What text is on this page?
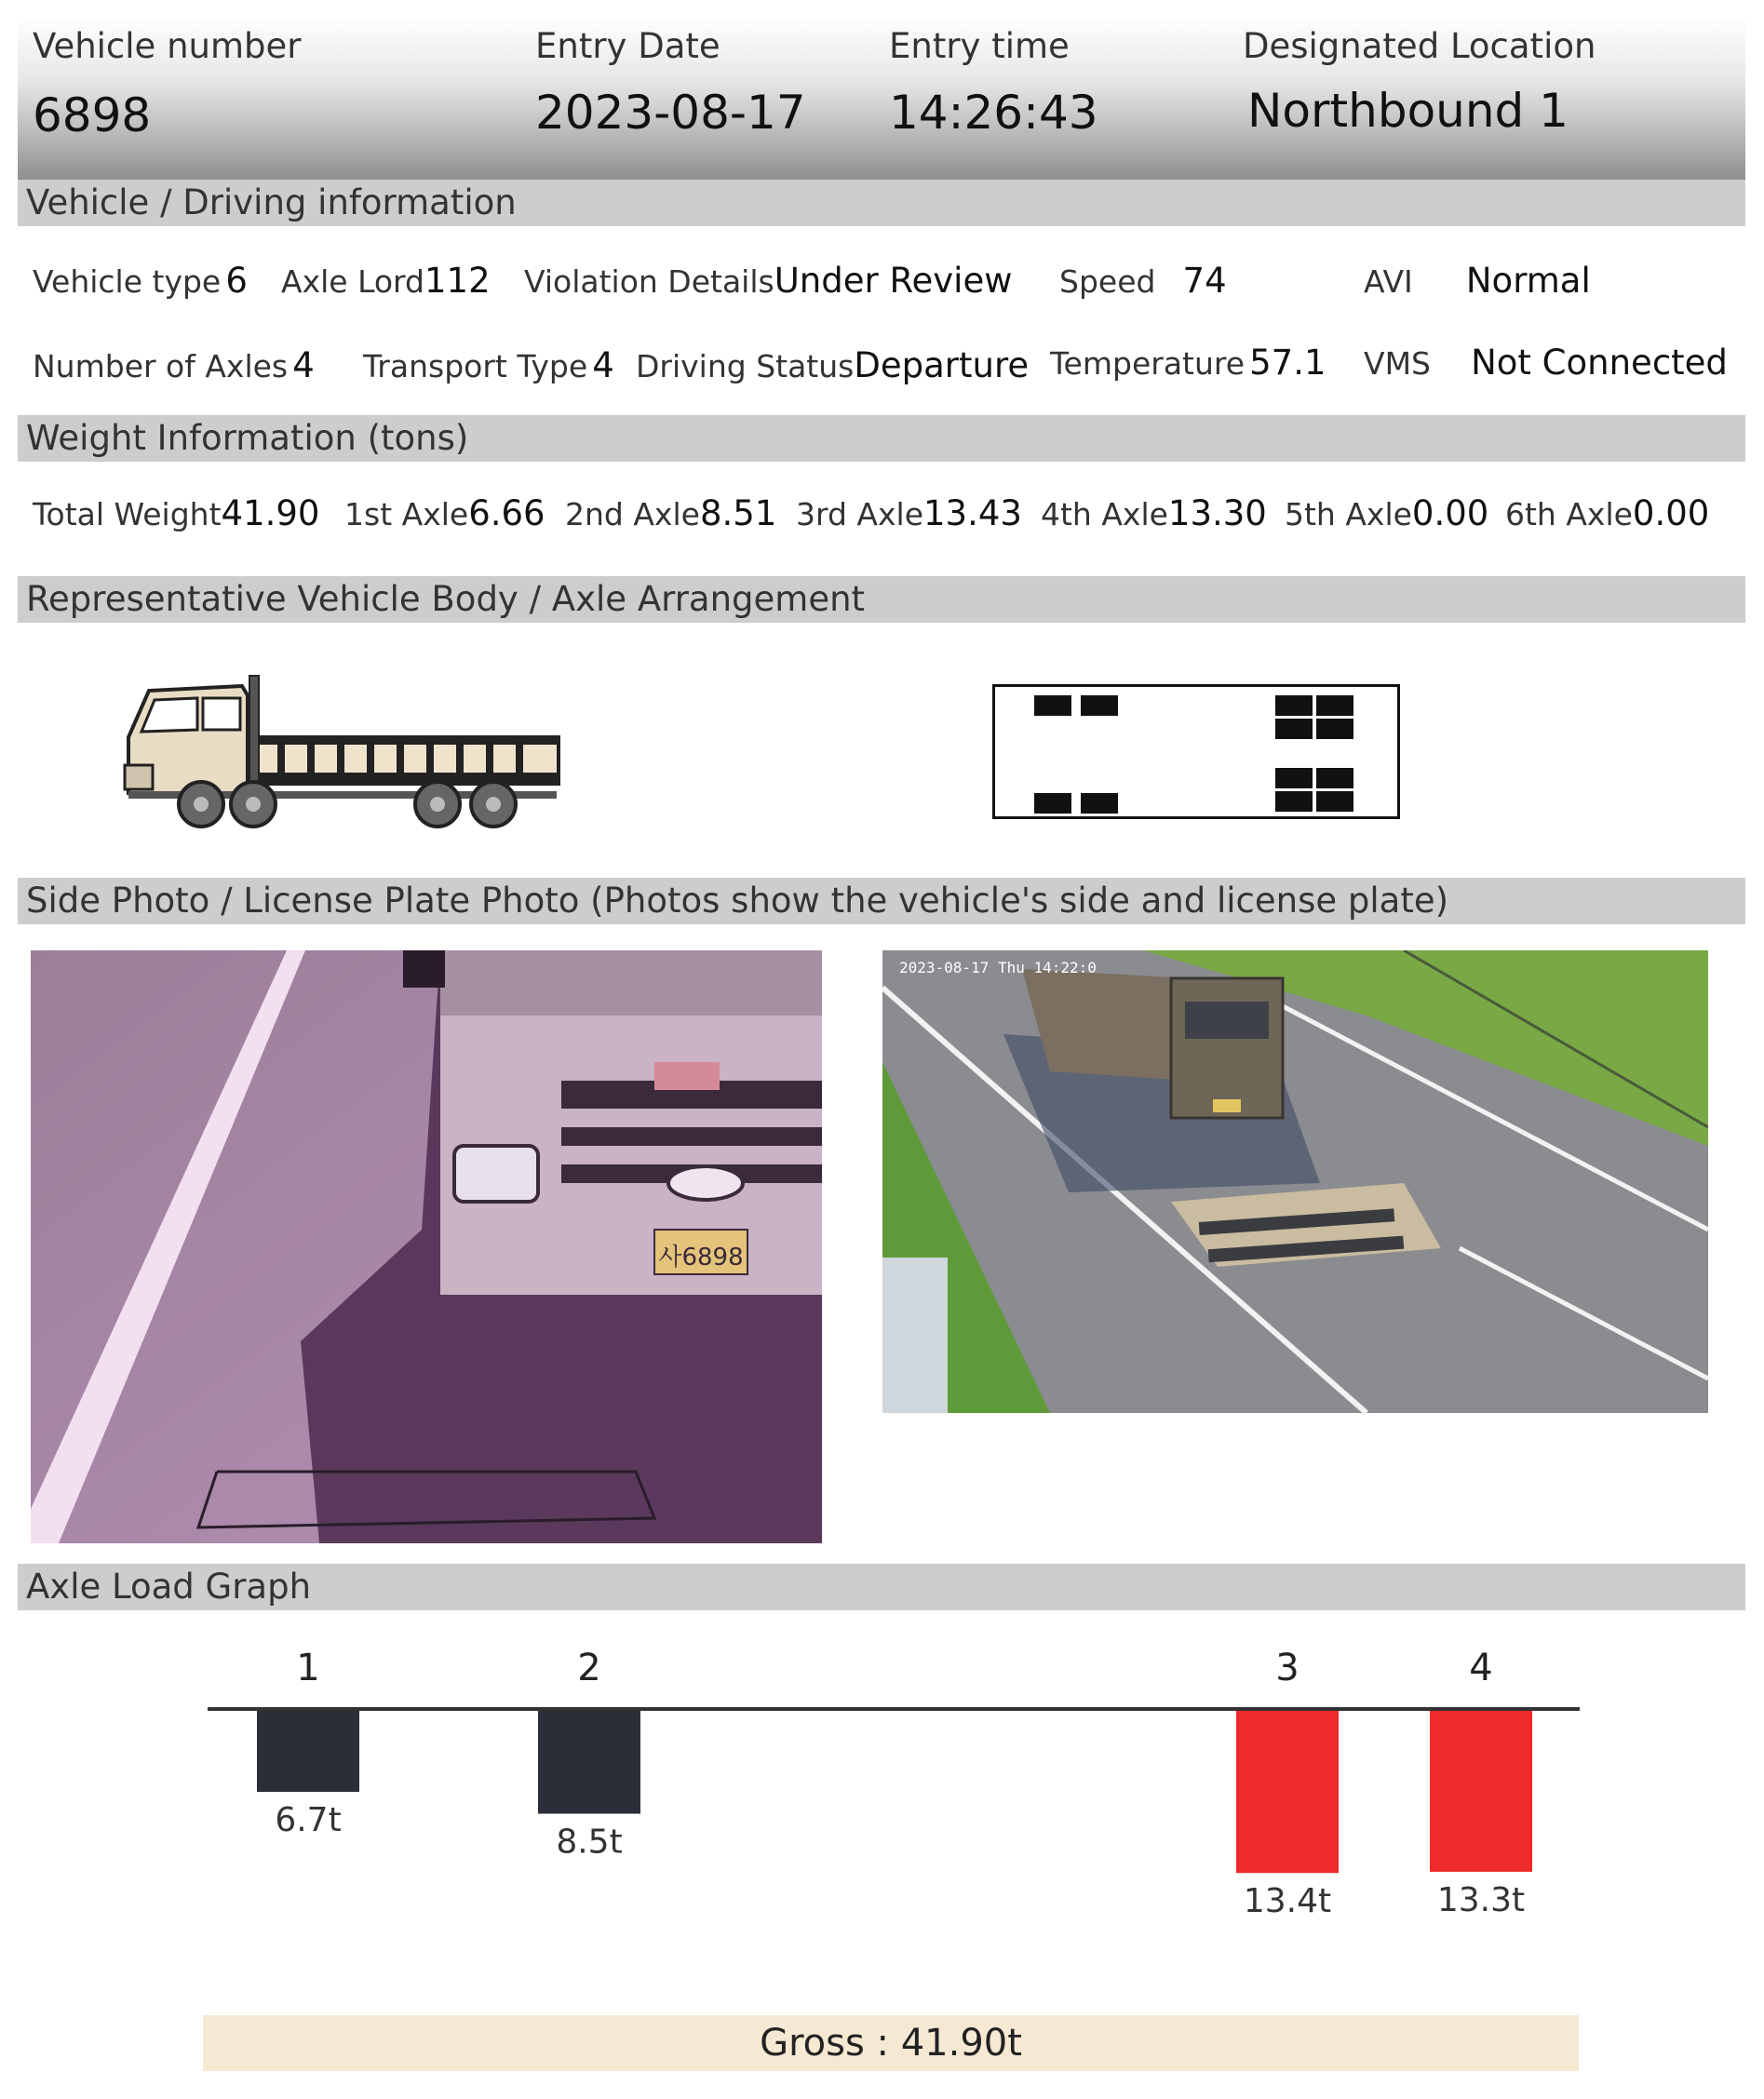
Vehicle number
6898
Entry Date
2023-08-17
Entry time
14:26:43
Designated Location
Northbound 1
Vehicle / Driving information
Vehicle type 6 Axle Lord112 Violation DetailsUnder Review Speed 74	AVI Normal
Number of Axles 4 Transport Type 4 Driving StatusDeparture Temperature 57.1 VMS Not Connected
Weight Information (tons)
Total Weight41.90 1st Axle6.66 2nd Axle8.51 3rd Axle13.43 4th Axle13.30 5th Axle0.00 6th Axle0.00
Representative Vehicle Body / Axle Arrangement
Side Photo / License Plate Photo (Photos show the vehicle's side and license plate)
사6898
2023-08-17 Thu 14:22:0
Axle Load Graph
1
6.7t
2
8.5t
3
13.4t
4
13.3t
Gross : 41.90t
